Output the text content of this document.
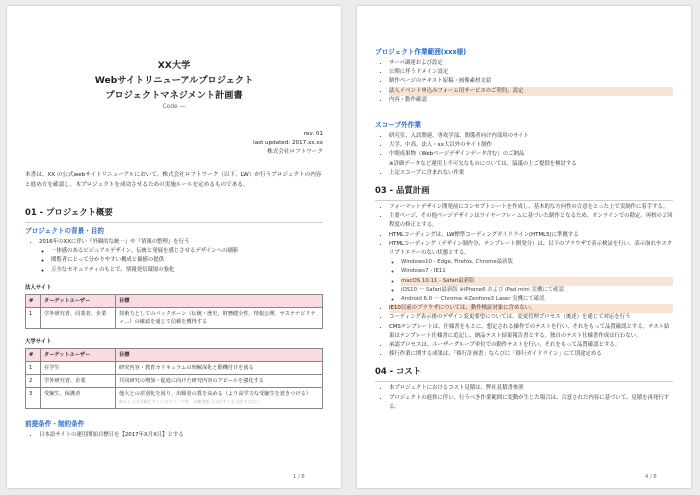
XX大学
Webサイトリニューアルプロジェクト
プロジェクトマネジメント計画書
Code ―
rev. 01
last updated: 2017.xx.xx
株式会社ロフトワーク
本書は、XX の公式webサイトリニューアルにおいて、株式会社ロフトワーク（以下、LW）が行うプロジェクトの内容と進め方を確認し、本プロジェクトを成功させるための実施ルールを定めるものである。
01 - プロジェクト概要
プロジェクトの背景・目的
• 2016年のXXに伴い『外観的な統一』や『情報の整理』を行う
◦ 一体感のあるビジュアルデザイン。伝統と発展を感じさせるデザインへの刷新
◦ 閲覧者にとって分かりやすい構成と価値の提供
◦ 万全なセキュリティのもとで、情報発信環境の強化
法人サイト
#	ターゲットユーザー	目標
1	学外研究者、同業者、企業	技術力としてのバックボーン（伝統・歴史、財務健全性、情報公開、サステナビリティ…）の確認を通じて信頼を獲得する
大学サイト
#	ターゲットユーザー	目標
1	在学生	研究内容・教育カリキュラムの理解深化と動機付けを図る
2	学外研究者、企業	共同研究の増加・促進に向けた研究内容のアピールを強化する
3	受験生、保護者	他大との差別化を図り、出願者の質を高める（より高学力な受験生を惹きつける）
※たとえば受験生サイトはスコープ外。出願者拡大は必ずしも目的ではない
前提条件・制約条件
• 日本語サイトの運用開始目標日を【2017年X月X日】とする
1 / 6
プロジェクト作業範囲(xxx様)
• サーバ調達および設定
• 公開に伴うドメイン設定
• 制作ページのテキスト原稿・画像素材支給
• 法人イベント申込みフォーム用サービスのご契約、設定
• 内容・動作確認
スコープ外作業
• 研究室、入試関連、専攻学部、関係者向け内部用のサイト
• 大学、中高、法人・xx大以外のサイト制作
• 中間成果物（Webページデザインデータ含む）のご納品
※詳細データなど運用上不可欠なものについては、協議の上ご提供を検討する
• 上記スコープに含まれない作業
03 - 品質計画
• フォーマットデザイン開発前にコンセプトシートを作成し、基本的な方向性の合意をとった上で実制作に着手する。
• 主要ページ、その他ページデザインはワイヤーフレームに基づいた制作となるため、オンラインでの勘定。再校の２回程度の修正とする。
• HTMLコーディングは、LW標準コーディングガイドライン(HTML5)に準拠する
• HTMLコーディング（デザイン制作分、テンプレート開発分）は、以下のブラウザで表示検証を行い、表示崩れやスクリプトエラーのない状態とする。
◦ Windows10 - Edge, Firefox, Chrome最新版
◦ Windows7 - IE11
◦ macOS 10.11 - Safari最新版
◦ iOS10 ～ Safari最新版 ※iPhone6 および iPad mini 実機にて確認
◦ Android 6.0 ～ Chrome ※Zenfone3 Laser 実機にて確認
• IE10以前のブラウザについては、動作検証対象に含めない。
• コーディング表示後のデザイン変更要望については、変更管理プロセス（後述）を通じて対応を行う
• CMSテンプレートは、仕様書をもとに、想定される操作でのテストを行い、それをもって品質確認とする。テスト結果はテンプレート仕様書に追記し、納品テスト結果報告書とする。独自のテスト仕様書作成は行わない。
• 承認プロセスは、ユーザーグループ単位での動作テストを行い、それをもって品質確認とする。
• 移行作業に関する成果は、「移行計画書」ならびに「移行ガイドライン」にて別途定める
04 - コスト
• 本プロジェクトにおけるコスト見積は、弊社見積書参照
• プロジェクトの進捗に伴い、行うべき作業範囲に変動が生じた場合は、合意された内容に基づいて、見積を再発行する。
4 / 6
